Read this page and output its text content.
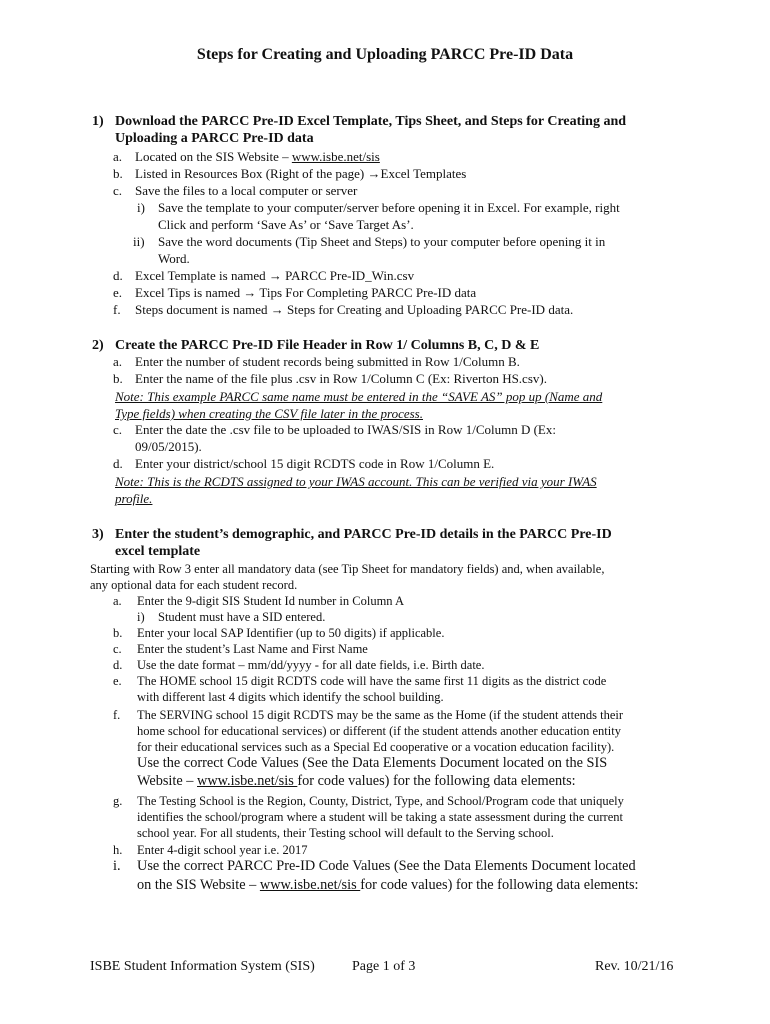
Steps for Creating and Uploading PARCC Pre-ID Data
1) Download the PARCC Pre-ID Excel Template, Tips Sheet, and Steps for Creating and
Uploading a PARCC Pre-ID data
a. Located on the SIS Website – www.isbe.net/sis
b. Listed in Resources Box (Right of the page) →Excel Templates
c. Save the files to a local computer or server
i) Save the template to your computer/server before opening it in Excel. For example, right
Click and perform ‘Save As’ or ‘Save Target As’.
ii) Save the word documents (Tip Sheet and Steps) to your computer before opening it in
Word.
d. Excel Template is named → PARCC Pre-ID_Win.csv
e. Excel Tips is named → Tips For Completing PARCC Pre-ID data
f. Steps document is named → Steps for Creating and Uploading PARCC Pre-ID data.
2) Create the PARCC Pre-ID File Header in Row 1/ Columns B, C, D & E
a. Enter the number of student records being submitted in Row 1/Column B.
b. Enter the name of the file plus .csv in Row 1/Column C (Ex: Riverton HS.csv).
Note: This example PARCC same name must be entered in the “SAVE AS” pop up (Name and
Type fields) when creating the CSV file later in the process.
c. Enter the date the .csv file to be uploaded to IWAS/SIS in Row 1/Column D (Ex:
09/05/2015).
d. Enter your district/school 15 digit RCDTS code in Row 1/Column E.
Note: This is the RCDTS assigned to your IWAS account. This can be verified via your IWAS
profile.
3) Enter the student’s demographic, and PARCC Pre-ID details in the PARCC Pre-ID
excel template
Starting with Row 3 enter all mandatory data (see Tip Sheet for mandatory fields) and, when available,
any optional data for each student record.
a. Enter the 9-digit SIS Student Id number in Column A
i) Student must have a SID entered.
b. Enter your local SAP Identifier (up to 50 digits) if applicable.
c. Enter the student’s Last Name and First Name
d. Use the date format – mm/dd/yyyy - for all date fields, i.e. Birth date.
e. The HOME school 15 digit RCDTS code will have the same first 11 digits as the district code
with different last 4 digits which identify the school building.
f. The SERVING school 15 digit RCDTS may be the same as the Home (if the student attends their
home school for educational services) or different (if the student attends another education entity
for their educational services such as a Special Ed cooperative or a vocation education facility).
Use the correct Code Values (See the Data Elements Document located on the SIS
Website – www.isbe.net/sis for code values) for the following data elements:
g. The Testing School is the Region, County, District, Type, and School/Program code that uniquely
identifies the school/program where a student will be taking a state assessment during the current
school year. For all students, their Testing school will default to the Serving school.
h. Enter 4-digit school year i.e. 2017
i. Use the correct PARCC Pre-ID Code Values (See the Data Elements Document located
on the SIS Website – www.isbe.net/sis for code values) for the following data elements:
ISBE Student Information System (SIS)	Page 1 of 3	Rev. 10/21/16
